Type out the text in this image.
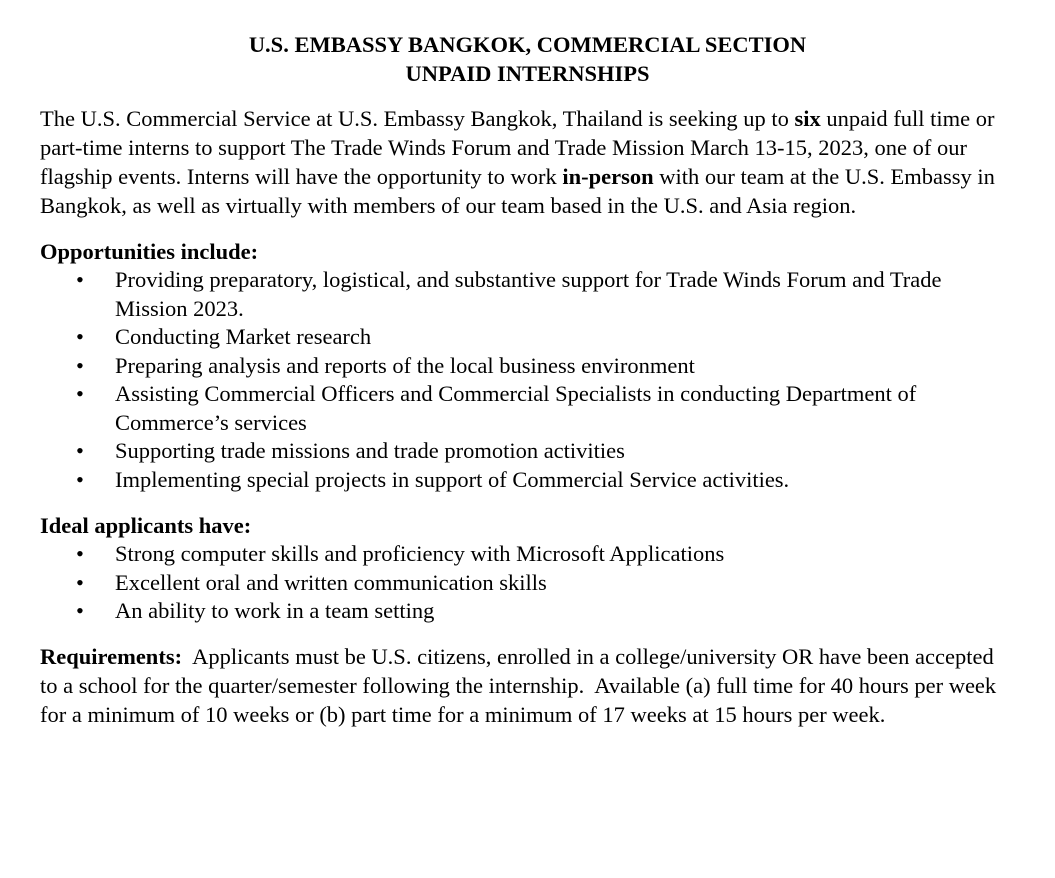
U.S. EMBASSY BANGKOK, COMMERCIAL SECTION

UNPAID INTERNSHIPS

The U.S. Commercial Service at U.S. Embassy Bangkok, Thailand is seeking up to six unpaid full time or part-time interns to support The Trade Winds Forum and Trade Mission March 13-15, 2023, one of our flagship events. Interns will have the opportunity to work in-person with our team at the U.S. Embassy in Bangkok, as well as virtually with members of our team based in the U.S. and Asia region.

Opportunities include:

• Providing preparatory, logistical, and substantive support for Trade Winds Forum and Trade Mission 2023.
• Conducting Market research
• Preparing analysis and reports of the local business environment
• Assisting Commercial Officers and Commercial Specialists in conducting Department of Commerce’s services
• Supporting trade missions and trade promotion activities
• Implementing special projects in support of Commercial Service activities.

Ideal applicants have:

• Strong computer skills and proficiency with Microsoft Applications
• Excellent oral and written communication skills
• An ability to work in a team setting

Requirements:  Applicants must be U.S. citizens, enrolled in a college/university OR have been accepted to a school for the quarter/semester following the internship.  Available (a) full time for 40 hours per week for a minimum of 10 weeks or (b) part time for a minimum of 17 weeks at 15 hours per week.
